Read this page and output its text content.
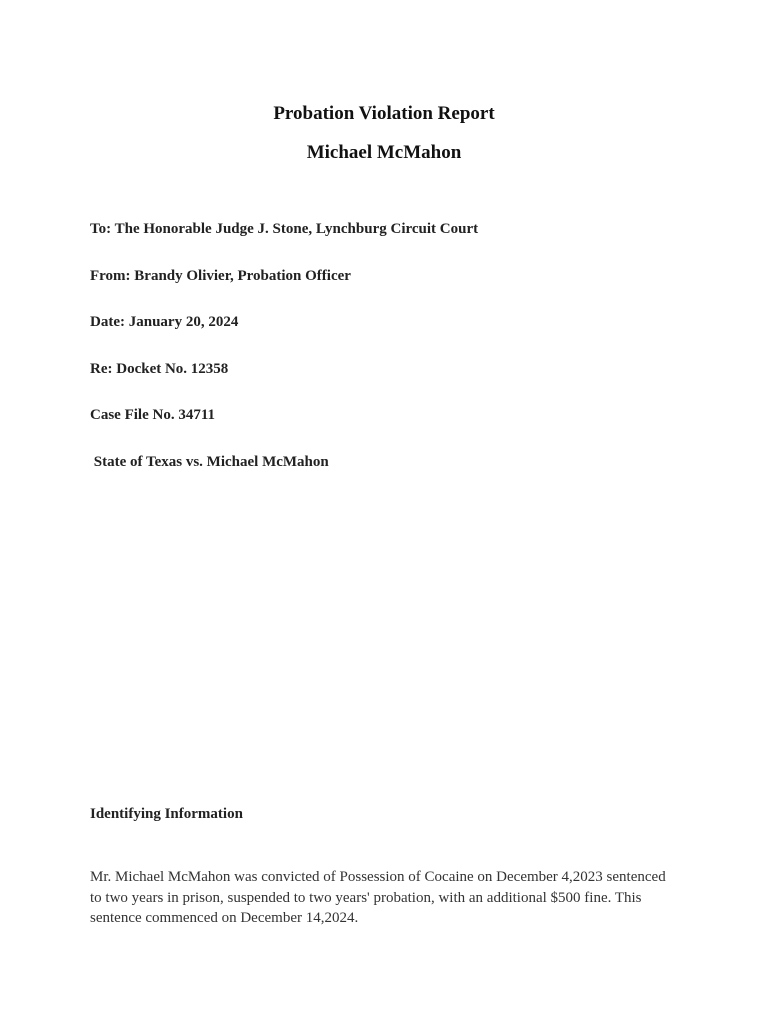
Probation Violation Report
Michael McMahon

To: The Honorable Judge J. Stone, Lynchburg Circuit Court

From: Brandy Olivier, Probation Officer

Date: January 20, 2024

Re: Docket No. 12358

Case File No. 34711

State of Texas vs. Michael McMahon

Identifying Information

Mr. Michael McMahon was convicted of Possession of Cocaine on December 4,2023 sentenced to two years in prison, suspended to two years' probation, with an additional $500 fine. This sentence commenced on December 14,2024.
